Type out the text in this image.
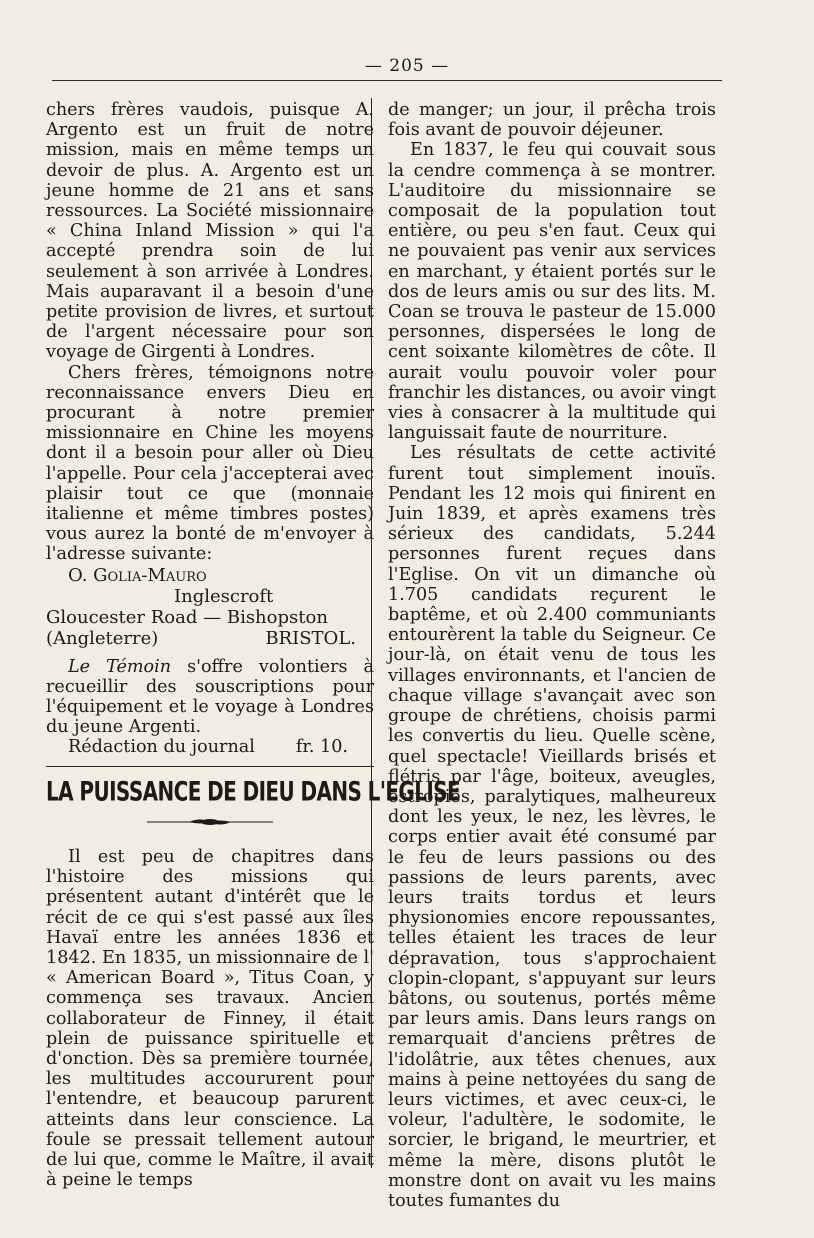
— 205 —

chers frères vaudois, puisque A. Argento est un fruit de notre mission, mais en même temps un devoir de plus. A. Argento est un jeune homme de 21 ans et sans ressources. La Société missionnaire « China Inland Mission » qui l'a accepté prendra soin de lui seulement à son arrivée à Londres. Mais auparavant il a besoin d'une petite provision de livres, et surtout de l'argent nécessaire pour son voyage de Girgenti à Londres.

Chers frères, témoignons notre reconnaissance envers Dieu en procurant à notre premier missionnaire en Chine les moyens dont il a besoin pour aller où Dieu l'appelle. Pour cela j'accepterai avec plaisir tout ce que (monnaie italienne et même timbres postes) vous aurez la bonté de m'envoyer à l'adresse suivante:

O. Golia-Mauro
Inglescroft
Gloucester Road — Bishopston
(Angleterre)	BRISTOL.

Le Témoin s'offre volontiers à recueillir des souscriptions pour l'équipement et le voyage à Londres du jeune Argenti.

Rédaction du journal fr. 10.
LA PUISSANCE DE DIEU DANS L'EGLISE

Il est peu de chapitres dans l'histoire des missions qui présentent autant d'intérêt que le récit de ce qui s'est passé aux îles Havaï entre les années 1836 et 1842. En 1835, un missionnaire de l' « American Board », Titus Coan, y commença ses travaux. Ancien collaborateur de Finney, il était plein de puissance spirituelle et d'onction. Dès sa première tournée, les multitudes accoururent pour l'entendre, et beaucoup parurent atteints dans leur conscience. La foule se pressait tellement autour de lui que, comme le Maître, il avait à peine le temps

de manger; un jour, il prêcha trois fois avant de pouvoir déjeuner.

En 1837, le feu qui couvait sous la cendre commença à se montrer. L'auditoire du missionnaire se composait de la population tout entière, ou peu s'en faut. Ceux qui ne pouvaient pas venir aux services en marchant, y étaient portés sur le dos de leurs amis ou sur des lits. M. Coan se trouva le pasteur de 15.000 personnes, dispersées le long de cent soixante kilomètres de côte. Il aurait voulu pouvoir voler pour franchir les distances, ou avoir vingt vies à consacrer à la multitude qui languissait faute de nourriture.

Les résultats de cette activité furent tout simplement inouïs. Pendant les 12 mois qui finirent en Juin 1839, et après examens très sérieux des candidats, 5.244 personnes furent reçues dans l'Eglise. On vit un dimanche où 1.705 candidats reçurent le baptême, et où 2.400 communiants entourèrent la table du Seigneur. Ce jour-là, on était venu de tous les villages environnants, et l'ancien de chaque village s'avançait avec son groupe de chrétiens, choisis parmi les convertis du lieu. Quelle scène, quel spectacle! Vieillards brisés et flétris par l'âge, boiteux, aveugles, estropiés, paralytiques, malheureux dont les yeux, le nez, les lèvres, le corps entier avait été consumé par le feu de leurs passions ou des passions de leurs parents, avec leurs traits tordus et leurs physionomies encore repoussantes, telles étaient les traces de leur dépravation, tous s'approchaient clopin-clopant, s'appuyant sur leurs bâtons, ou soutenus, portés même par leurs amis. Dans leurs rangs on remarquait d'anciens prêtres de l'idolâtrie, aux têtes chenues, aux mains à peine nettoyées du sang de leurs victimes, et avec ceux-ci, le voleur, l'adultère, le sodomite, le sorcier, le brigand, le meurtrier, et même la mère, disons plutôt le monstre dont on avait vu les mains toutes fumantes du
